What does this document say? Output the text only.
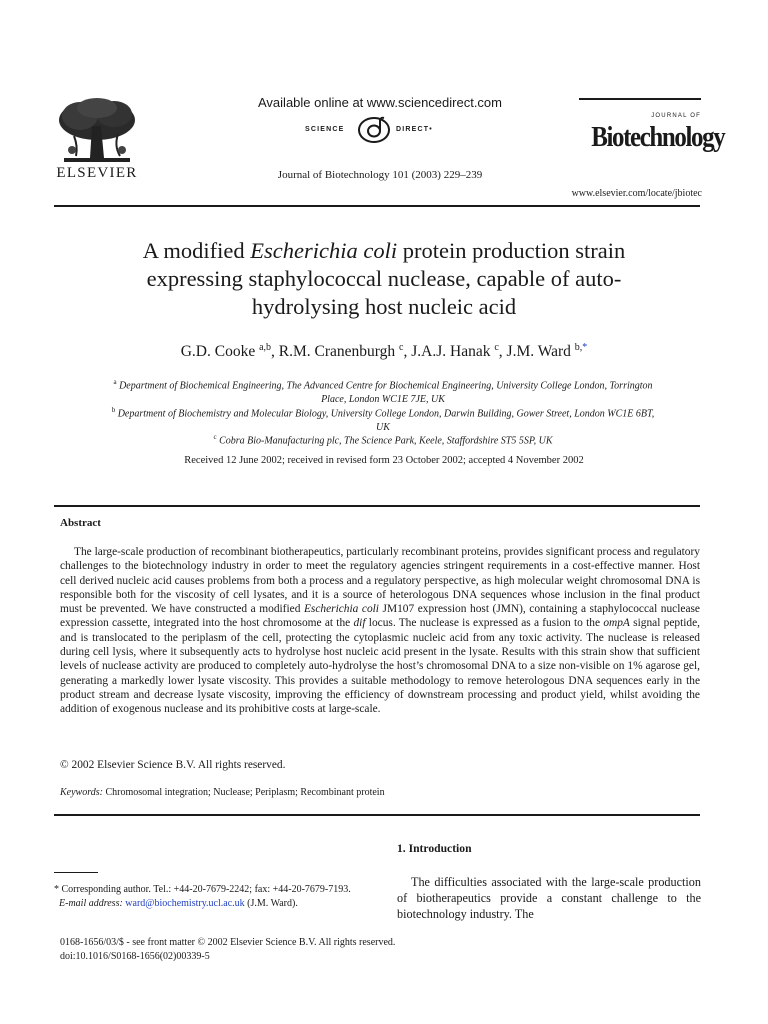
ELSEVIER
Available online at www.sciencedirect.com
SCIENCE	DIRECT•
Journal of Biotechnology 101 (2003) 229–239
JOURNAL OF
Biotechnology
www.elsevier.com/locate/jbiotec
A modified Escherichia coli protein production strain
expressing staphylococcal nuclease, capable of auto-
hydrolysing host nucleic acid
G.D. Cooke $^{a,b}$, R.M. Cranenburgh $^c$, J.A.J. Hanak $^c$, J.M. Ward $^{b,*}$
$^a$ Department of Biochemical Engineering, The Advanced Centre for Biochemical Engineering, University College London, Torrington
Place, London WC1E 7JE, UK
$^b$ Department of Biochemistry and Molecular Biology, University College London, Darwin Building, Gower Street, London WC1E 6BT,
UK
$^c$ Cobra Bio-Manufacturing plc, The Science Park, Keele, Staffordshire ST5 5SP, UK
Received 12 June 2002; received in revised form 23 October 2002; accepted 4 November 2002
Abstract

The large-scale production of recombinant biotherapeutics, particularly recombinant proteins, provides significant process and regulatory challenges to the biotechnology industry in order to meet the regulatory agencies stringent requirements in a cost-effective manner. Host cell derived nucleic acid causes problems from both a process and a regulatory perspective, as high molecular weight chromosomal DNA is responsible both for the viscosity of cell lysates, and it is a source of heterologous DNA sequences whose inclusion in the final product must be prevented. We have constructed a modified Escherichia coli JM107 expression host (JMN), containing a staphylococcal nuclease expression cassette, integrated into the host chromosome at the dif locus. The nuclease is expressed as a fusion to the ompA signal peptide, and is translocated to the periplasm of the cell, protecting the cytoplasmic nucleic acid from any toxic activity. The nuclease is released during cell lysis, where it subsequently acts to hydrolyse host nucleic acid present in the lysate. Results with this strain show that sufficient levels of nuclease activity are produced to completely auto-hydrolyse the host’s chromosomal DNA to a size non-visible on 1% agarose gel, generating a markedly lower lysate viscosity. This provides a suitable methodology to remove heterologous DNA sequences early in the product stream and decrease lysate viscosity, improving the efficiency of downstream processing and product yield, whilst avoiding the addition of exogenous nuclease and its prohibitive costs at large-scale.

© 2002 Elsevier Science B.V. All rights reserved.
Keywords: Chromosomal integration; Nuclease; Periplasm; Recombinant protein
1. Introduction

The difficulties associated with the large-scale production of biotherapeutics provide a constant challenge to the biotechnology industry. The

* Corresponding author. Tel.: +44-20-7679-2242; fax: +44-20-7679-7193.
E-mail address: ward@biochemistry.ucl.ac.uk (J.M. Ward).
0168-1656/03/$ - see front matter © 2002 Elsevier Science B.V. All rights reserved.
doi:10.1016/S0168-1656(02)00339-5
